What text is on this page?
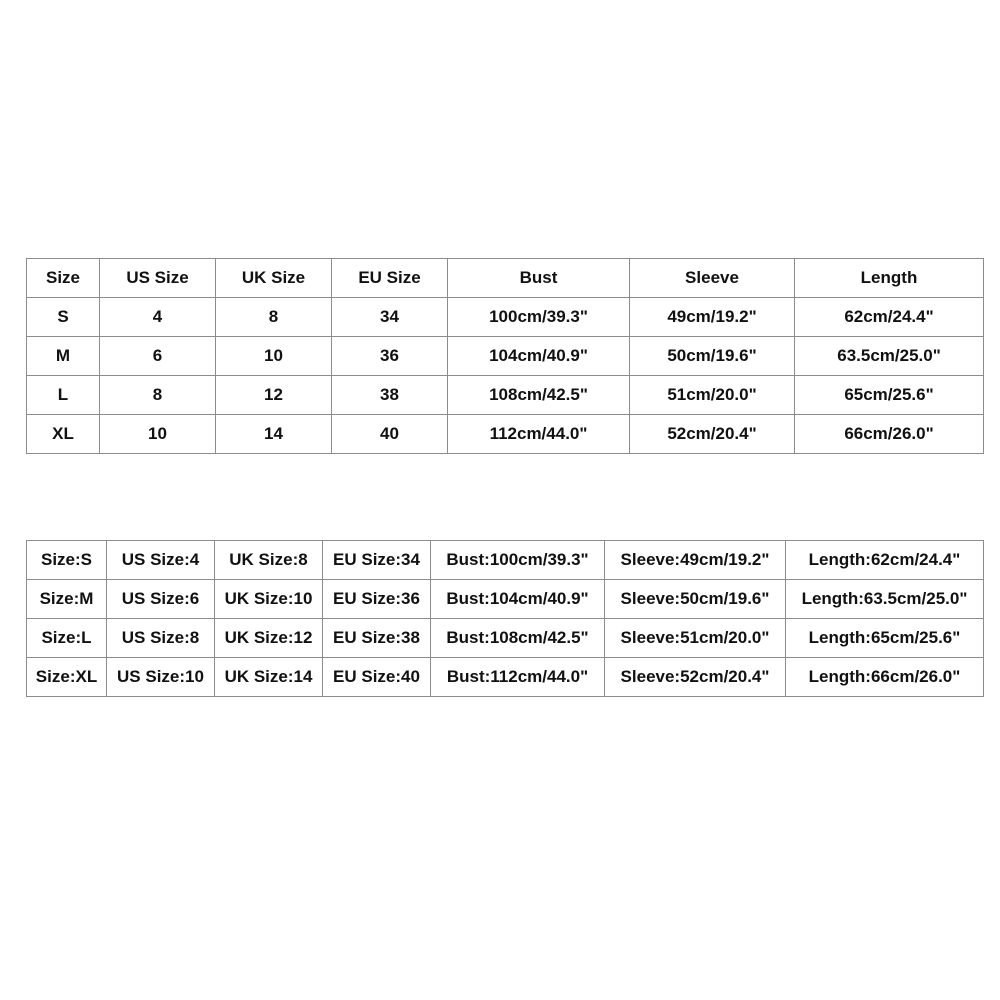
Size	US Size	UK Size	EU Size	Bust	Sleeve	Length
S	4	8	34	100cm/39.3"	49cm/19.2"	62cm/24.4"
M	6	10	36	104cm/40.9"	50cm/19.6"	63.5cm/25.0"
L	8	12	38	108cm/42.5"	51cm/20.0"	65cm/25.6"
XL	10	14	40	112cm/44.0"	52cm/20.4"	66cm/26.0"
Size:S	US Size:4	UK Size:8	EU Size:34	Bust:100cm/39.3"	Sleeve:49cm/19.2"	Length:62cm/24.4"
Size:M	US Size:6	UK Size:10	EU Size:36	Bust:104cm/40.9"	Sleeve:50cm/19.6"	Length:63.5cm/25.0"
Size:L	US Size:8	UK Size:12	EU Size:38	Bust:108cm/42.5"	Sleeve:51cm/20.0"	Length:65cm/25.6"
Size:XL	US Size:10	UK Size:14	EU Size:40	Bust:112cm/44.0"	Sleeve:52cm/20.4"	Length:66cm/26.0"
